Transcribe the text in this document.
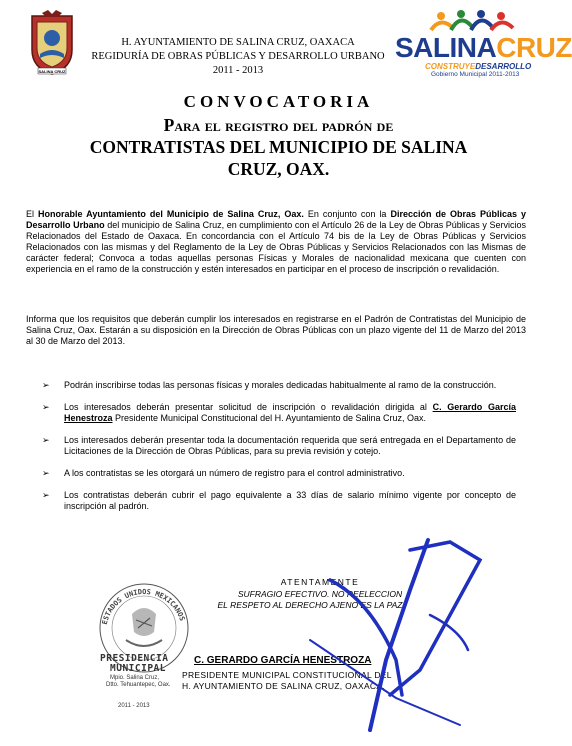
SALINA CRUZ
H. AYUNTAMIENTO DE SALINA CRUZ, OAXACA
REGIDURÍA DE OBRAS PÚBLICAS Y DESARROLLO URBANO
2011 - 2013
SALINACRUZ
CONSTRUYEDESARROLLO
Gobierno Municipal 2011-2013
CONVOCATORIA
Para el registro del padrón de
CONTRATISTAS DEL MUNICIPIO DE SALINA
CRUZ, OAX.
El Honorable Ayuntamiento del Municipio de Salina Cruz, Oax. En conjunto con la Dirección de Obras Públicas y Desarrollo Urbano del municipio de Salina Cruz, en cumplimiento con el Artículo 26 de la Ley de Obras Públicas y Servicios Relacionados del Estado de Oaxaca. En concordancia con el Artículo 74 bis de la Ley de Obras Públicas y Servicios Relacionados con las mismas y del Reglamento de la Ley de Obras Públicas y Servicios Relacionados con las Mismas de carácter federal; Convoca a todas aquellas personas Físicas y Morales de nacionalidad mexicana que cuenten con experiencia en el ramo de la construcción y estén interesados en participar en el proceso de inscripción o revalidación.
Informa que los requisitos que deberán cumplir los interesados en registrarse en el Padrón de Contratistas del Municipio de Salina Cruz, Oax. Estarán a su disposición en la Dirección de Obras Públicas con un plazo vigente del 11 de Marzo del 2013 al 30 de Marzo del 2013.
➢ Podrán inscribirse todas las personas físicas y morales dedicadas habitualmente al ramo de la construcción.
➢ Los interesados deberán presentar solicitud de inscripción o revalidación dirigida al C. Gerardo García Henestroza Presidente Municipal Constitucional del H. Ayuntamiento de Salina Cruz, Oax.
➢ Los interesados deberán presentar toda la documentación requerida que será entregada en el Departamento de Licitaciones de la Dirección de Obras Públicas, para su previa revisión y cotejo.
➢ A los contratistas se les otorgará un número de registro para el control administrativo.
➢ Los contratistas deberán cubrir el pago equivalente a 33 días de salario mínimo vigente por concepto de inscripción al padrón.
ESTADOS UNIDOS MEXICANOS
PRESIDENCIA
MUNICIPAL
Mpio. Salina Cruz,
Dtto. Tehuantepec, Oax.
2011 - 2013
ATENTAMENTE
SUFRAGIO EFECTIVO. NO REELECCION
EL RESPETO AL DERECHO AJENO ES LA PAZ
C. GERARDO GARCÍA HENESTROZA
PRESIDENTE MUNICIPAL CONSTITUCIONAL DEL
H. AYUNTAMIENTO DE SALINA CRUZ, OAXACA.
